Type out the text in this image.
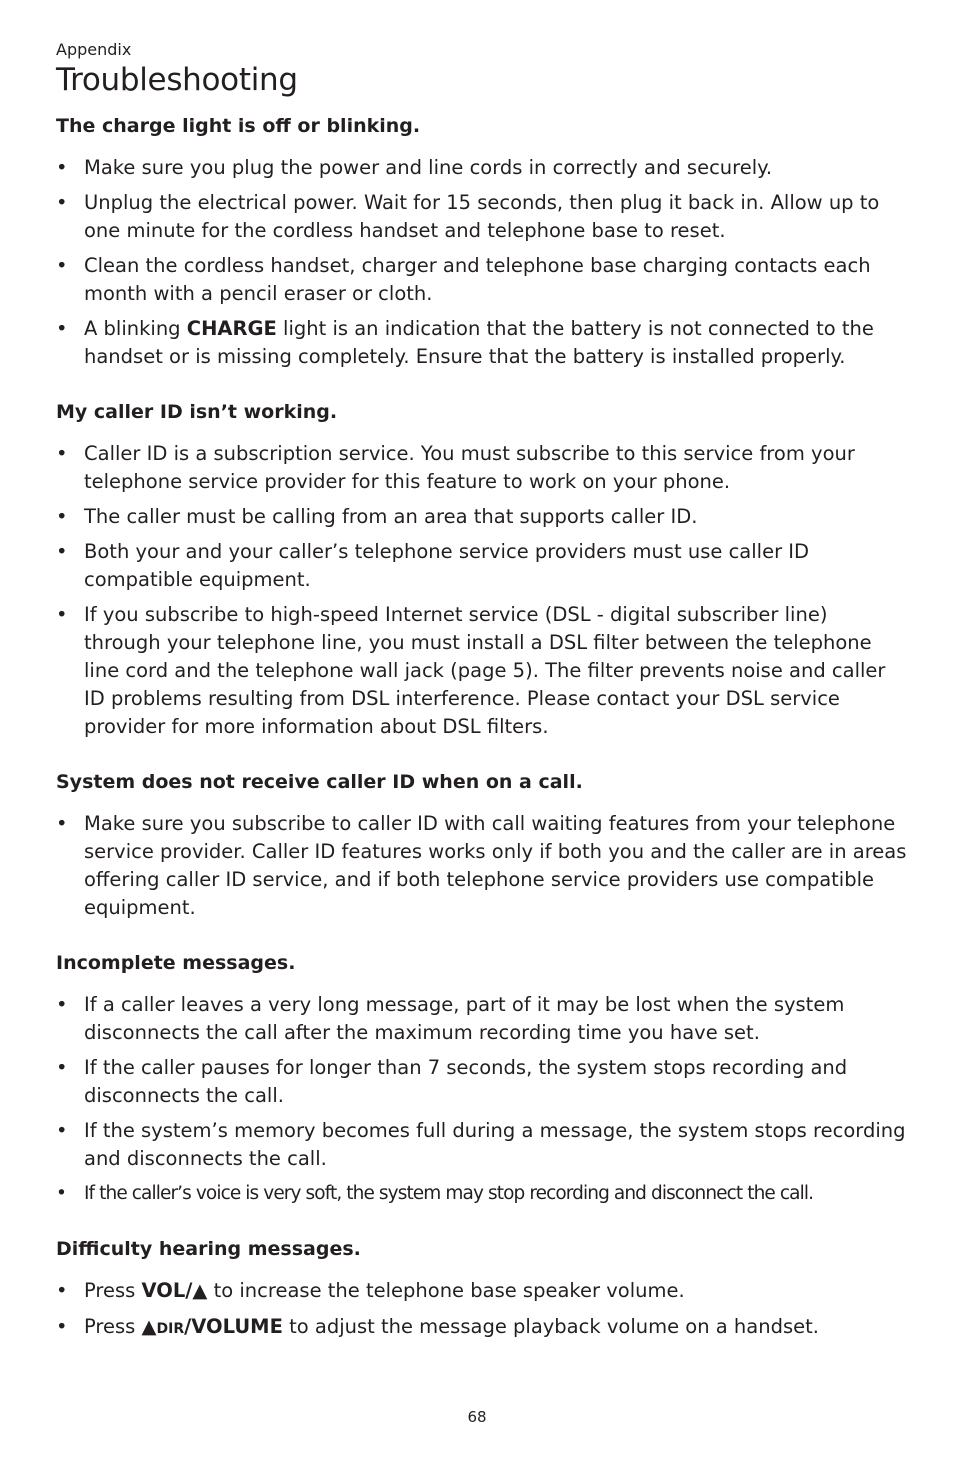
Appendix

Troubleshooting
The charge light is off or blinking.
• Make sure you plug the power and line cords in correctly and securely.
• Unplug the electrical power. Wait for 15 seconds, then plug it back in. Allow up to one minute for the cordless handset and telephone base to reset.
• Clean the cordless handset, charger and telephone base charging contacts each month with a pencil eraser or cloth.
• A blinking CHARGE light is an indication that the battery is not connected to the handset or is missing completely. Ensure that the battery is installed properly.
My caller ID isn’t working.
• Caller ID is a subscription service. You must subscribe to this service from your telephone service provider for this feature to work on your phone.
• The caller must be calling from an area that supports caller ID.
• Both your and your caller’s telephone service providers must use caller ID compatible equipment.
• If you subscribe to high-speed Internet service (DSL - digital subscriber line) through your telephone line, you must install a DSL filter between the telephone line cord and the telephone wall jack (page 5). The filter prevents noise and caller ID problems resulting from DSL interference. Please contact your DSL service provider for more information about DSL filters.
System does not receive caller ID when on a call.
• Make sure you subscribe to caller ID with call waiting features from your telephone service provider. Caller ID features works only if both you and the caller are in areas offering caller ID service, and if both telephone service providers use compatible equipment.
Incomplete messages.
• If a caller leaves a very long message, part of it may be lost when the system disconnects the call after the maximum recording time you have set.
• If the caller pauses for longer than 7 seconds, the system stops recording and disconnects the call.
• If the system’s memory becomes full during a message, the system stops recording and disconnects the call.
• If the caller’s voice is very soft, the system may stop recording and disconnect the call.
Difficulty hearing messages.
• Press VOL/▲ to increase the telephone base speaker volume.
• Press ▲DIR/VOLUME to adjust the message playback volume on a handset.
68
